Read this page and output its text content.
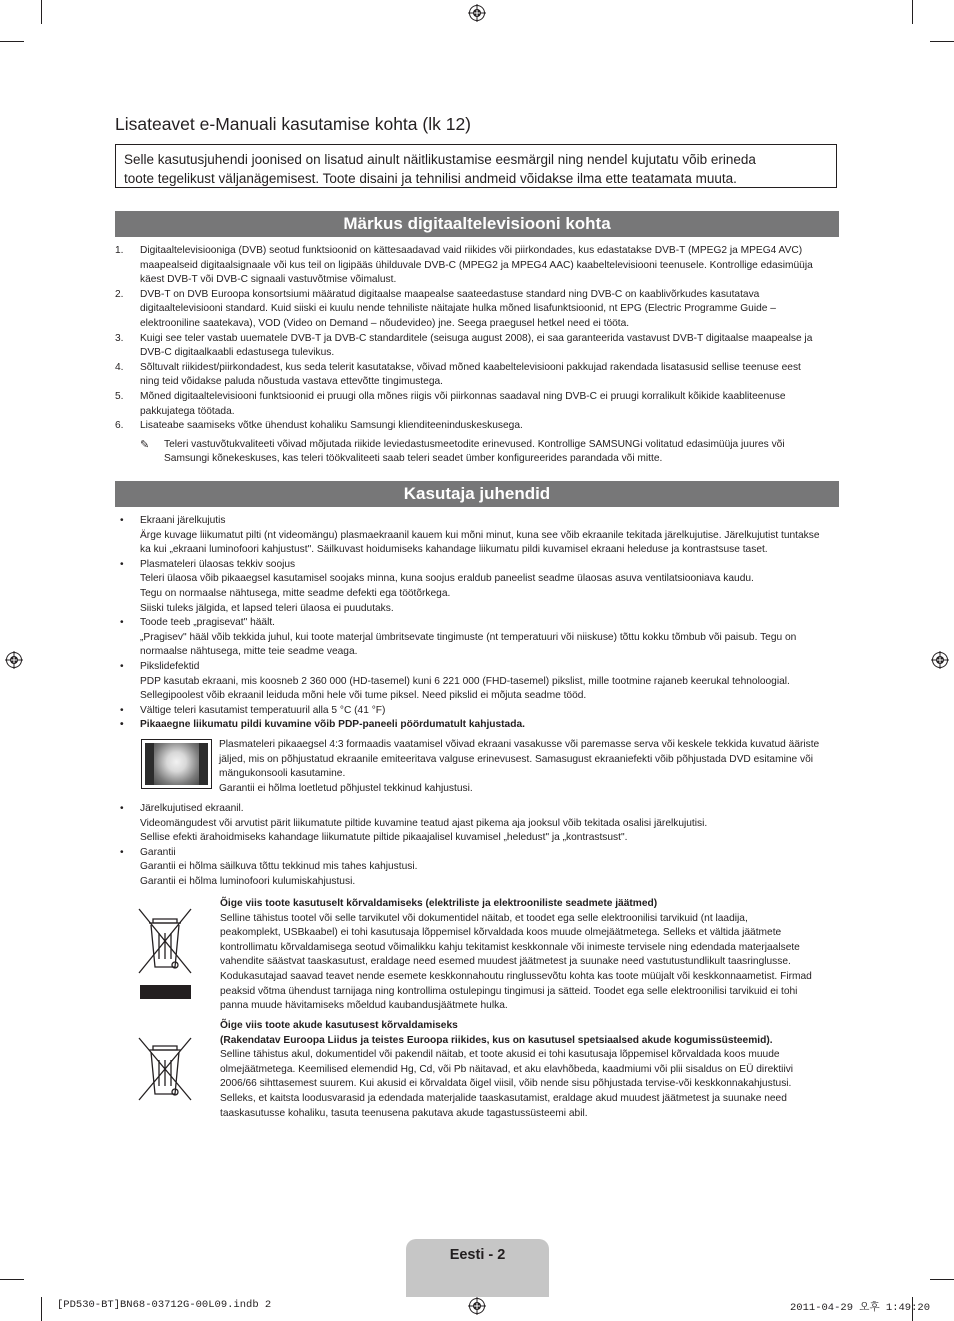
Lisateavet e-Manuali kasutamise kohta (lk 12)
Selle kasutusjuhendi joonised on lisatud ainult näitlikustamise eesmärgil ning nendel kujutatu võib erineda
toote tegelikust väljanägemisest. Toote disaini ja tehnilisi andmeid võidakse ilma ette teatamata muuta.
Märkus digitaaltelevisiooni kohta
1. Digitaaltelevisiooniga (DVB) seotud funktsioonid on kättesaadavad vaid riikides või piirkondades, kus edastatakse DVB-T (MPEG2 ja MPEG4 AVC)
maapealseid digitaalsignaale või kus teil on ligipääs ühilduvale DVB-C (MPEG2 ja MPEG4 AAC) kaabeltelevisiooni teenusele. Kontrollige edasimüüja
käest DVB-T või DVB-C signaali vastuvõtmise võimalust.
2. DVB-T on DVB Euroopa konsortsiumi määratud digitaalse maapealse saateedastuse standard ning DVB-C on kaablivõrkudes kasutatava
digitaaltelevisiooni standard. Kuid siiski ei kuulu nende tehniliste näitajate hulka mõned lisafunktsioonid, nt EPG (Electric Programme Guide –
elektrooniline saatekava), VOD (Video on Demand – nõudevideo) jne. Seega praegusel hetkel need ei tööta.
3. Kuigi see teler vastab uuematele DVB-T ja DVB-C standarditele (seisuga august 2008), ei saa garanteerida vastavust DVB-T digitaalse maapealse ja
DVB-C digitaalkaabli edastusega tulevikus.
4. Sõltuvalt riikidest/piirkondadest, kus seda telerit kasutatakse, võivad mõned kaabeltelevisiooni pakkujad rakendada lisatasusid sellise teenuse eest
ning teid võidakse paluda nõustuda vastava ettevõtte tingimustega.
5. Mõned digitaaltelevisiooni funktsioonid ei pruugi olla mõnes riigis või piirkonnas saadaval ning DVB-C ei pruugi korralikult kõikide kaabliteenuse
pakkujatega töötada.
6. Lisateabe saamiseks võtke ühendust kohaliku Samsungi klienditeeninduskeskusega.
✎ Teleri vastuvõtukvaliteeti võivad mõjutada riikide leviedastusmeetodite erinevused. Kontrollige SAMSUNGi volitatud edasimüüja juures või
Samsungi kõnekeskuses, kas teleri töökvaliteeti saab teleri seadet ümber konfigureerides parandada või mitte.
Kasutaja juhendid
• Ekraani järelkujutis
Ärge kuvage liikumatut pilti (nt videomängu) plasmaekraanil kauem kui mõni minut, kuna see võib ekraanile tekitada järelkujutise. Järelkujutist tuntakse
ka kui „ekraani luminofoori kahjustust". Säilkuvast hoidumiseks kahandage liikumatu pildi kuvamisel ekraani heleduse ja kontrastsuse taset.
• Plasmateleri ülaosas tekkiv soojus
Teleri ülaosa võib pikaaegsel kasutamisel soojaks minna, kuna soojus eraldub paneelist seadme ülaosas asuva ventilatsiooniava kaudu.
Tegu on normaalse nähtusega, mitte seadme defekti ega töötõrkega.
Siiski tuleks jälgida, et lapsed teleri ülaosa ei puudutaks.
• Toode teeb „pragisevat" häält.
„Pragisev" hääl võib tekkida juhul, kui toote materjal ümbritsevate tingimuste (nt temperatuuri või niiskuse) tõttu kokku tõmbub või paisub. Tegu on
normaalse nähtusega, mitte teie seadme veaga.
• Pikslidefektid
PDP kasutab ekraani, mis koosneb 2 360 000 (HD-tasemel) kuni 6 221 000 (FHD-tasemel) pikslist, mille tootmine rajaneb keerukal tehnoloogial.
Sellegipoolest võib ekraanil leiduda mõni hele või tume piksel. Need pikslid ei mõjuta seadme tööd.
• Vältige teleri kasutamist temperatuuril alla 5 °C (41 °F)
• Pikaaegne liikumatu pildi kuvamine võib PDP-paneeli pöördumatult kahjustada.
Plasmateleri pikaaegsel 4:3 formaadis vaatamisel võivad ekraani vasakusse või paremasse serva või keskele tekkida kuvatud ääriste
jäljed, mis on põhjustatud ekraanile emiteeritava valguse erinevusest. Samasugust ekraaniefekti võib põhjustada DVD esitamine või
mängukonsooli kasutamine.
Garantii ei hõlma loetletud põhjustel tekkinud kahjustusi.
• Järelkujutised ekraanil.
Videomängudest või arvutist pärit liikumatute piltide kuvamine teatud ajast pikema aja jooksul võib tekitada osalisi järelkujutisi.
Sellise efekti ärahoidmiseks kahandage liikumatute piltide pikaajalisel kuvamisel „heledust" ja „kontrastsust".
• Garantii
Garantii ei hõlma säilkuva tõttu tekkinud mis tahes kahjustusi.
Garantii ei hõlma luminofoori kulumiskahjustusi.
Õige viis toote kasutuselt kõrvaldamiseks (elektriliste ja elektrooniliste seadmete jäätmed)
Selline tähistus tootel või selle tarvikutel või dokumentidel näitab, et toodet ega selle elektroonilisi tarvikuid (nt laadija,
peakomplekt, USBkaabel) ei tohi kasutusaja lõppemisel kõrvaldada koos muude olmejäätmetega. Selleks et vältida jäätmete
kontrollimatu kõrvaldamisega seotud võimalikku kahju tekitamist keskkonnale või inimeste tervisele ning edendada materjaalsete
vahendite säästvat taaskasutust, eraldage need esemed muudest jäätmetest ja suunake need vastutustundlikult taasringlusse.
Kodukasutajad saavad teavet nende esemete keskkonnahoutu ringlussevõtu kohta kas toote müüjalt või keskkonnaametist. Firmad
peaksid võtma ühendust tarnijaga ning kontrollima ostulepingu tingimusi ja sätteid. Toodet ega selle elektroonilisi tarvikuid ei tohi
panna muude hävitamiseks mõeldud kaubandusjäätmete hulka.
Õige viis toote akude kasutusest kõrvaldamiseks
(Rakendatav Euroopa Liidus ja teistes Euroopa riikides, kus on kasutusel spetsiaalsed akude kogumissüsteemid).
Selline tähistus akul, dokumentidel või pakendil näitab, et toote akusid ei tohi kasutusaja lõppemisel kõrvaldada koos muude
olmejäätmetega. Keemilised elemendid Hg, Cd, või Pb näitavad, et aku elavhõbeda, kaadmiumi või plii sisaldus on EÜ direktiivi
2006/66 sihttasemest suurem. Kui akusid ei kõrvaldata õigel viisil, võib nende sisu põhjustada tervise-või keskkonnakahjustusi.
Selleks, et kaitsta loodusvarasid ja edendada materjalide taaskasutamist, eraldage akud muudest jäätmetest ja suunake need
taaskasutusse kohaliku, tasuta teenusena pakutava akude tagastussüsteemi abil.
Eesti - 2
[PD530-BT]BN68-03712G-00L09.indb 2	2011-04-29 오후 1:49:20
